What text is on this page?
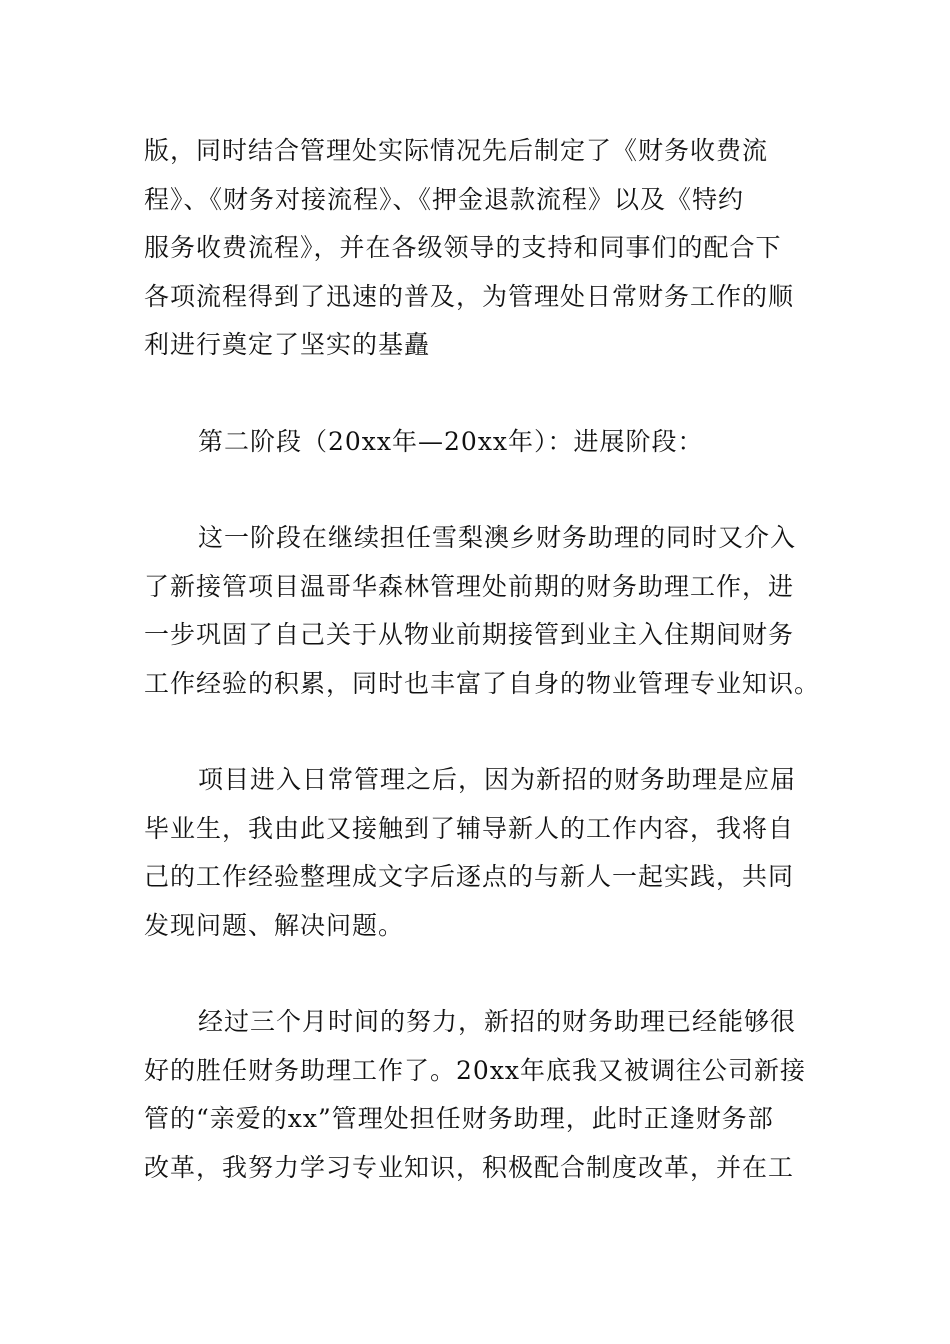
版，同时结合管理处实际情况先后制定了《财务收费流
程》、《财务对接流程》、《押金退款流程》以及《特约
服务收费流程》，并在各级领导的支持和同事们的配合下
各项流程得到了迅速的普及，为管理处日常财务工作的顺
利进行奠定了坚实的基矗

第二阶段（20xx年—20xx年）：进展阶段：

这一阶段在继续担任雪梨澳乡财务助理的同时又介入
了新接管项目温哥华森林管理处前期的财务助理工作，进
一步巩固了自己关于从物业前期接管到业主入住期间财务
工作经验的积累，同时也丰富了自身的物业管理专业知识。

项目进入日常管理之后，因为新招的财务助理是应届
毕业生，我由此又接触到了辅导新人的工作内容，我将自
己的工作经验整理成文字后逐点的与新人一起实践，共同
发现问题、解决问题。

经过三个月时间的努力，新招的财务助理已经能够很
好的胜任财务助理工作了。20xx年底我又被调往公司新接
管的“亲爱的xx”管理处担任财务助理，此时正逢财务部
改革，我努力学习专业知识，积极配合制度改革，并在工
